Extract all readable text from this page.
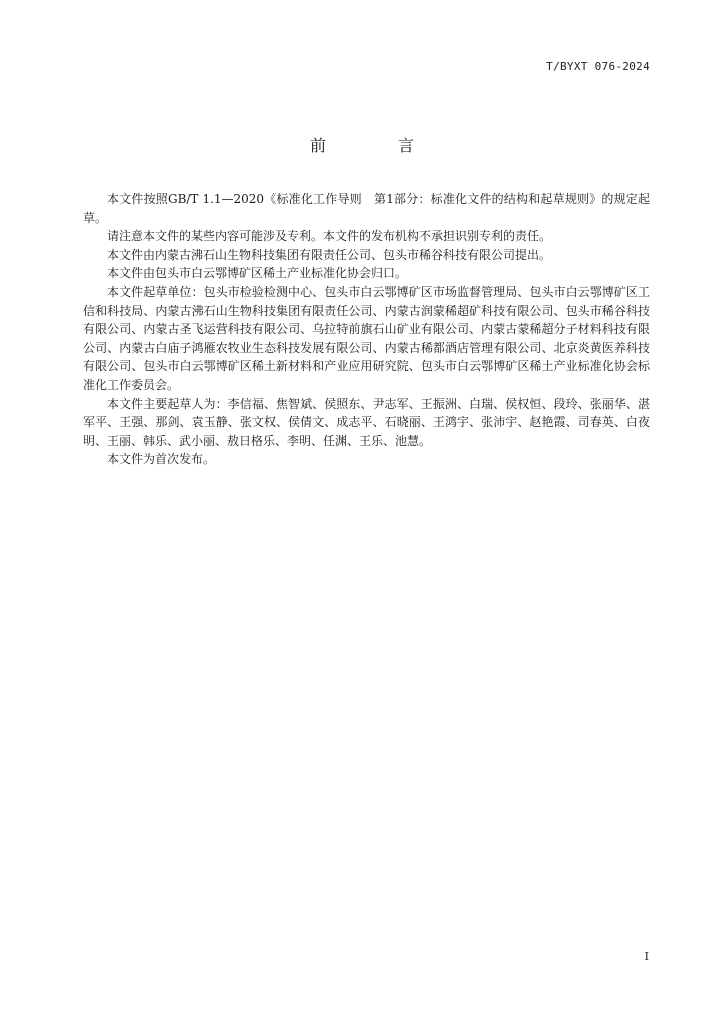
T/BYXT 076-2024
前　言

本文件按照GB/T 1.1—2020《标准化工作导则　第1部分：标准化文件的结构和起草规则》的规定起草。

请注意本文件的某些内容可能涉及专利。本文件的发布机构不承担识别专利的责任。

本文件由内蒙古沸石山生物科技集团有限责任公司、包头市稀谷科技有限公司提出。

本文件由包头市白云鄂博矿区稀土产业标准化协会归口。

本文件起草单位：包头市检验检测中心、包头市白云鄂博矿区市场监督管理局、包头市白云鄂博矿区工信和科技局、内蒙古沸石山生物科技集团有限责任公司、内蒙古润蒙稀超矿科技有限公司、包头市稀谷科技有限公司、内蒙古圣飞运营科技有限公司、乌拉特前旗石山矿业有限公司、内蒙古蒙稀超分子材料科技有限公司、内蒙古白庙子鸿雁农牧业生态科技发展有限公司、内蒙古稀都酒店管理有限公司、北京炎黄医养科技有限公司、包头市白云鄂博矿区稀土新材料和产业应用研究院、包头市白云鄂博矿区稀土产业标准化协会标准化工作委员会。

本文件主要起草人为：李信福、焦智斌、侯照东、尹志军、王振洲、白瑞、侯权恒、段玲、张丽华、湛军平、王强、那剑、袁玉静、张文权、侯倩文、成志平、石晓丽、王鸿宇、张沛宇、赵艳霞、司春英、白夜明、王丽、韩乐、武小丽、敖日格乐、李明、任渊、王乐、池慧。

本文件为首次发布。

I
